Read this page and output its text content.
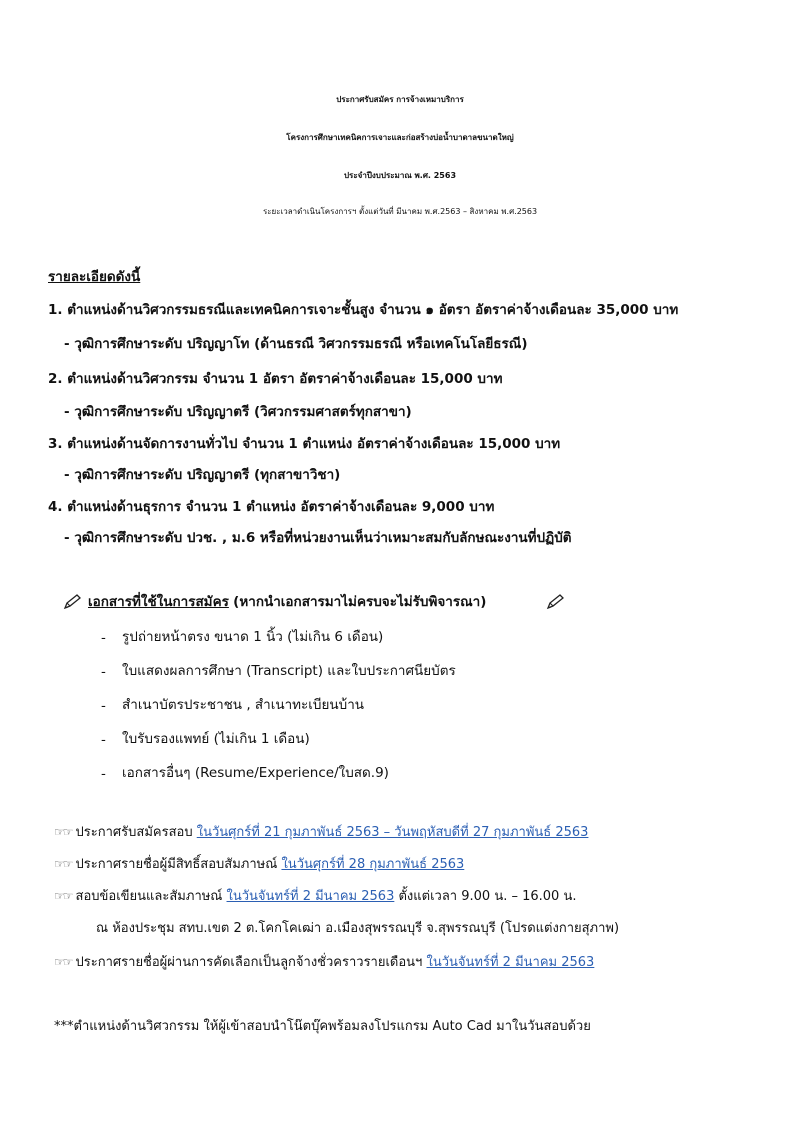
ประกาศรับสมัคร การจ้างเหมาบริการ
โครงการศึกษาเทคนิคการเจาะและก่อสร้างบ่อน้ำบาดาลขนาดใหญ่
ประจำปีงบประมาณ พ.ศ. 2563
ระยะเวลาดำเนินโครงการฯ ตั้งแต่วันที่ มีนาคม พ.ศ.2563 – สิงหาคม พ.ศ.2563
รายละเอียดดังนี้
1. ตำแหน่งด้านวิศวกรรมธรณีและเทคนิคการเจาะชั้นสูง จำนวน ๑ อัตรา อัตราค่าจ้างเดือนละ 35,000 บาท
- วุฒิการศึกษาระดับ ปริญญาโท (ด้านธรณี วิศวกรรมธรณี หรือเทคโนโลยีธรณี)
2. ตำแหน่งด้านวิศวกรรม จำนวน 1 อัตรา อัตราค่าจ้างเดือนละ 15,000 บาท
- วุฒิการศึกษาระดับ ปริญญาตรี (วิศวกรรมศาสตร์ทุกสาขา)
3. ตำแหน่งด้านจัดการงานทั่วไป จำนวน 1 ตำแหน่ง อัตราค่าจ้างเดือนละ 15,000 บาท
- วุฒิการศึกษาระดับ ปริญญาตรี (ทุกสาขาวิชา)
4. ตำแหน่งด้านธุรการ จำนวน 1 ตำแหน่ง อัตราค่าจ้างเดือนละ 9,000 บาท
- วุฒิการศึกษาระดับ ปวช. , ม.6 หรือที่หน่วยงานเห็นว่าเหมาะสมกับลักษณะงานที่ปฏิบัติ
เอกสารที่ใช้ในการสมัคร (หากนำเอกสารมาไม่ครบจะไม่รับพิจารณา)
- รูปถ่ายหน้าตรง ขนาด 1 นิ้ว (ไม่เกิน 6 เดือน)
- ใบแสดงผลการศึกษา (Transcript) และใบประกาศนียบัตร
- สำเนาบัตรประชาชน , สำเนาทะเบียนบ้าน
- ใบรับรองแพทย์ (ไม่เกิน 1 เดือน)
- เอกสารอื่นๆ (Resume/Experience/ใบสด.9)
☞☞ ประกาศรับสมัครสอบ ในวันศุกร์ที่ 21 กุมภาพันธ์ 2563 – วันพฤหัสบดีที่ 27 กุมภาพันธ์ 2563
☞☞ ประกาศรายชื่อผู้มีสิทธิ์สอบสัมภาษณ์ ในวันศุกร์ที่ 28 กุมภาพันธ์ 2563
☞☞ สอบข้อเขียนและสัมภาษณ์ ในวันจันทร์ที่ 2 มีนาคม 2563 ตั้งแต่เวลา 9.00 น. – 16.00 น.
ณ ห้องประชุม สทบ.เขต 2 ต.โคกโคเฒ่า อ.เมืองสุพรรณบุรี จ.สุพรรณบุรี (โปรดแต่งกายสุภาพ)
☞☞ ประกาศรายชื่อผู้ผ่านการคัดเลือกเป็นลูกจ้างชั่วคราวรายเดือนฯ ในวันจันทร์ที่ 2 มีนาคม 2563
***ตำแหน่งด้านวิศวกรรม ให้ผู้เข้าสอบนำโน๊ตบุ๊คพร้อมลงโปรแกรม Auto Cad มาในวันสอบด้วย
